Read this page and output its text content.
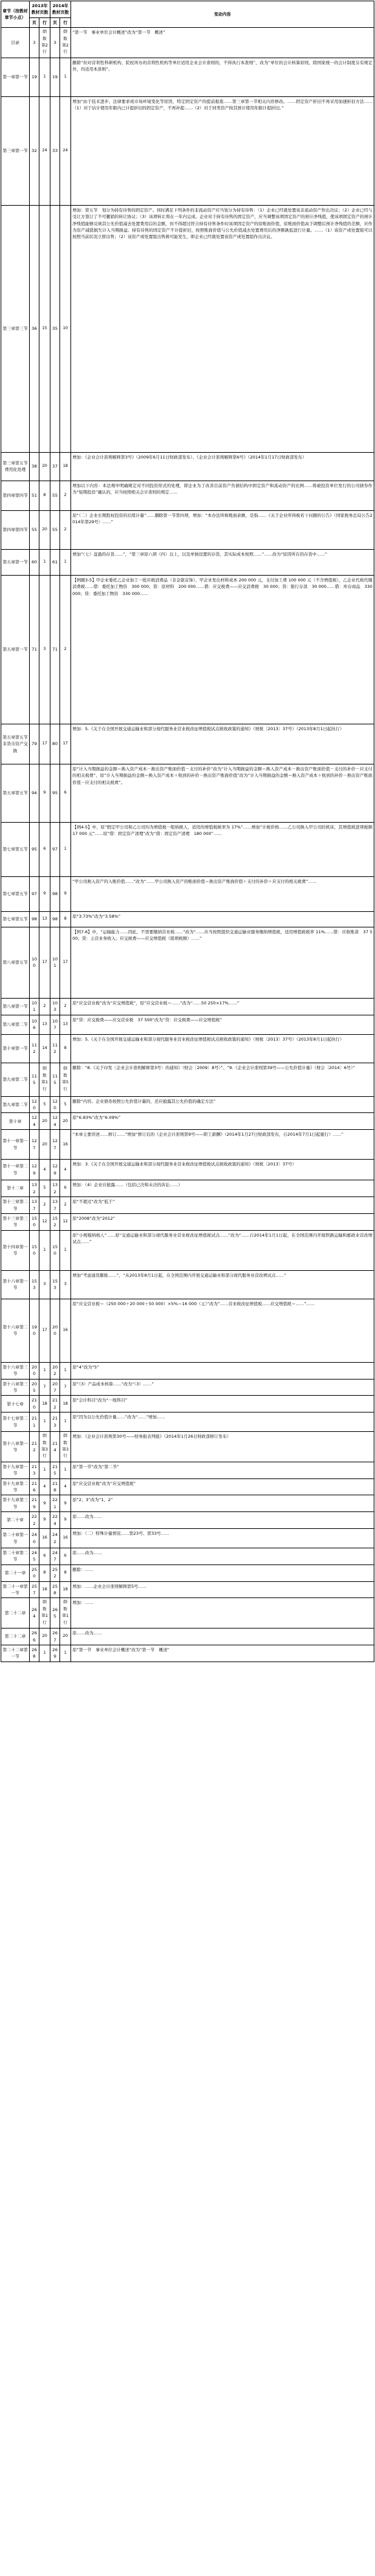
章节（按教材章节小点）	2013年教材页数		2014年教材页数		变动内容
	页	行	页	行	
目录	3	倒数第2行	3	倒数第2行	“第一节　事业单位会计概述”改为“第一节　概述”
第一章第一节	19	1	19	1	删除“但对营利性科研机构、院校所办的营利性机构等单位适用企业会计准则的，不得执行本准则”，改为“单位的会计核算原则，除国家统一的会计制度另有规定外，均适用本准则”。
第三章第一节	32	24	33	24	增加“由于技术进步、法律要求或市场环境变化等原因，特定固定资产的提前报废……第三章第一节相关内容修改。……固定资产折旧不再采用加速折旧方法……（1）对于估计使用年限内已计提折旧的固定资产，不再补提……（2）对于同类资产按其预计使用年限计提折旧。”
第三章第三节	36	15	35	10	增加：第五节　划分为持有待售的固定资产。同时满足下列条件的非流动资产应当划分为持有待售：（1）企业已经就处置该非流动资产作出决议；（2）企业已经与受让方签订了不可撤销的转让协议；（3）该项转让将在一年内完成。企业对于持有待售的固定资产，应当调整该项固定资产的预计净残值，使该项固定资产的预计净残值能够反映其公允价值减去处置费用后的金额，但不得超过符合持有待售条件时该项固定资产的原账面价值，原账面价值高于调整后预计净残值的差额，应作为资产减值损失计入当期损益。持有待售的固定资产不计提折旧，按照账面价值与公允价值减去处置费用后的净额孰低进行计量。……（1）该资产或处置组可以按照当前状况立即出售；（2）该资产或处置组出售极可能发生，即企业已经就处置该资产或处置组作出决议。
第三章第五节费用化处理	38	20	37	18	增加：《企业会计准则解释第3号》（2009年6月11日财政部发布）、《企业会计准则解释第6号》（2014年1月17日财政部发布）
第四章第四节	51	8	55	2	增加以下内容：本法规中明确规定对不同投资形式的处理，即企业为了改善目前资产负债结构中固定资产和流动资产的比例……将被投资单位发行的公司债券作为“短期投资”确认的，应当按照相关会计准则的规定……
第四章第四节	55	20	55	2	原“（二）企业长期股权投资的后续计量”……删除第一节第四项，增加：“本办法所称账面余额，是指……《关于企业所得税若干问题的公告》（国家税务总局公告2014年第29号）……”
第五章第一节	60	1	61	1	增加“（七）盘盈的存货……”，“第三章原六项（四）以上，以及单独设置的存货，其实际成本按照……”……改为“原因所在的存货中……”
第五章第一节	71	3	71	2	【例题3-5】甲企业委托乙企业加工一批应税消费品（非金银首饰），甲企业发出材料成本 200 000 元，支付加工费 100 000 元（不含增值税），乙企业代收代缴消费税……借：委托加工物资　300 000；贷：原材料　200 000……借：应交税费——应交消费税　30 000；贷：银行存款　30 000……借：库存商品　330 000；贷：委托加工物资　330 000……
第五章第五节非货币资产交换	79	17	80	17	增加：5.《关于在全国开展交通运输业和部分现代服务业营业税改征增值税试点税收政策的通知》（财税〔2013〕37号）（2013年8月1日起执行）
第五章第五节	94	9	95	6	原“计入当期损益的金额＝换入资产成本－换出资产账面价值－支付的补价”改为“计入当期损益的金额＝换入资产成本－换出资产账面价值－支付的补价－应支付的相关税费”，原“计入当期损益的金额＝换入资产成本＋收到的补价－换出资产账面价值”改为“计入当期损益的金额＝换入资产成本＋收到的补价－换出资产账面价值－应支付的相关税费”。
第七章第五节	95	6	97	1	【例4-5】中，原“假定甲公司和乙公司均为增值税一般纳税人，适用的增值税税率为 17%”……增加“计税价格……乙公司换入甲公司的机床，其增值税进项税额 17 000 元”……原“借：固定资产清理”改为“借：固定资产清理　180 000”……
第七章第五节	97	9	98	9	“甲公司换入资产的入账价值……”改为“……甲公司换入资产的账面价值＝换出资产账面价值＋支付的补价＋应支付的相关税费”……
第七章第五节	98	13	98	8	原“3.73%”改为“3.58%”
第八章第五节	100	17	101	17	【例7-6】中，“运输能力……因此，不需要缴纳营业税……”改为“……应当按照提供交通运输业服务缴纳增值税，适用增值税税率 11%……借：应收账款　37 500；贷：主营业务收入；应交税费——应交增值税（销项税额）……”
第八章第一节	101	2	103	2	原“应交营业税”改为“应交增值税”，原“应交营业税＝……”改为“……50 250×17%……”
第八章第二节	106	13	107	13	原“贷：应交税费——应交营业税　37 500”改为“贷：应交税费——应交增值税”
第十章第一节	112	14	112	8	增加：5.《关于在全国开展交通运输业和部分现代服务业营业税改征增值税试点税收政策的通知》（财税〔2013〕37号）（2013年8月1日起执行）
第九章第二节	115	倒数第1行	115	倒数第5行	删除：“8.《关于印发〈企业会计准则解释第3号〉的通知》（财会〔2009〕8号）”、“9.《企业会计准则第39号——公允价值计量》（财会〔2014〕6号）”
第九章第二节	120	5	120	5	删除“内容。企业债券按照公允价值计量的，还应披露其公允价值的确定方法”
第十章	124	20	124	20	原“6.83%”改为“6.09%”
第十一章第一节	127	20	127	16	“本章主要讲述……修订……”增加“修订后的《企业会计准则第9号——职工薪酬》（2014年1月27日财政部发布，自2014年7月1日起施行）……”
第十一章第二节	129	4	129	4	增加：3.《关于在全国开展交通运输业和部分现代服务业营业税改征增值税试点税收政策的通知》（财税〔2013〕37号）
第十二章	132	5	132	6	增加：（4）企业应披露……（包括已决和未决的诉讼……）
第十三章第二节	137	2	137	2	原“不超过”改为“低于”
第十三章第三节	150	12	152	12	原“2008”改为“2012”
第十四章第一节	150	1	150	1	原“小规模纳税人”……原“交通运输业和部分现代服务业营业税改征增值税试点……”改为“……自2014年1月1日起，在全国范围内开展铁路运输和邮政业营改增试点……”
第十六章第一节	153	3	153	3	增加“考虑通货膨胀……”，“从2013年8月1日起，在全国范围内开展交通运输业和部分现代服务业营改增试点……”
第十六章第二节	190	17	200	16	原“应交营业税＝（250 000＋20 000＋50 000）×5%＝16 000（元）”改为“……营业税改征增值税……应交增值税＝……”……
第十六章第三节	200	1	202	1	原“4”改为“5”
第十六章第三节	205	7	207	7	原“（3）产品成本核算……”改为“（3）……”
第十七章	210	18	212	18	原“会计科目”改为“一级科目”
第十七章第二节	211	1	213	1	原“因为以公允价值计量……”改为“……”增加……
第十八章第一节	212	倒数第3行	214	倒数第3行	增加：《企业会计准则第30号——财务报表列报》（2014年1月26日财政部修订发布）
第十九章第一节	213	1	215	1	原“第一节”改为“第二节”
第十九章第二节	216	4	218	4	原“应交营业税”改为“应交增值税”
第十九章第三节	219	9	221	9	原“2、3”改为“1、2”
第二十章	222	9	224	9	原……改为……
第二十章第一节	240	16	242	16	增加：（二）特殊计量情况……第23号、第33号……
第二十章第二节	245	6	247	6	原……改为……
第二十一章	250	8	252	8	删除：……
第二十一章第一节	257	18	258	18	增加：……企业会计准则解释第5号……
第二十二章	264	倒数第1行	265	倒数第1行	增加：……
第二十二章	266	20	267	20	原……改为……
第二十二章第一节	268	1	269	1	原“第一节　事业单位会计概述”改为“第一节　概述”
